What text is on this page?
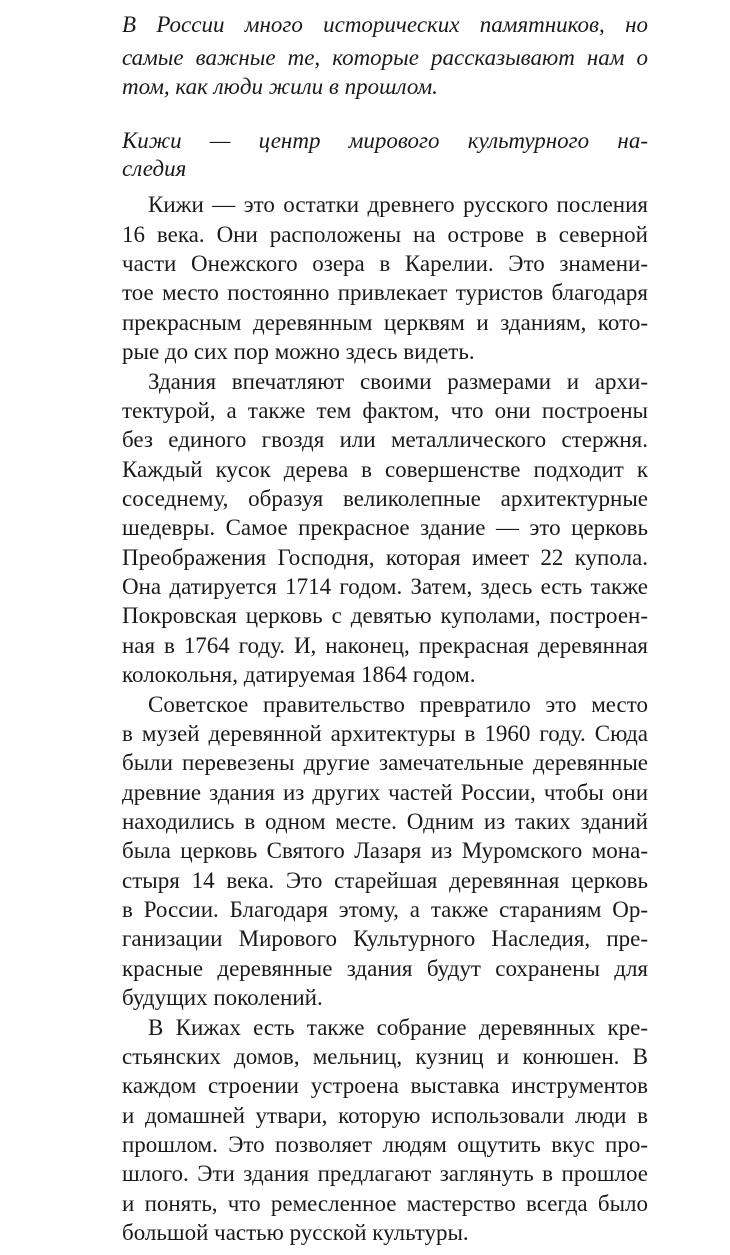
В России много исторических памятников, но
самые важные те, которые рассказывают нам о
том, как люди жили в прошлом.
Кижи — центр мирового культурного на-
следия
Кижи — это остатки древнего русского посления
16 века. Они расположены на острове в северной
части Онежского озера в Карелии. Это знамени-
тое место постоянно привлекает туристов благодаря
прекрасным деревянным церквям и зданиям, кото-
рые до сих пор можно здесь видеть.
Здания впечатляют своими размерами и архи-
тектурой, а также тем фактом, что они построены
без единого гвоздя или металлического стержня.
Каждый кусок дерева в совершенстве подходит к
соседнему, образуя великолепные архитектурные
шедевры. Самое прекрасное здание — это церковь
Преображения Господня, которая имеет 22 купола.
Она датируется 1714 годом. Затем, здесь есть также
Покровская церковь с девятью куполами, построен-
ная в 1764 году. И, наконец, прекрасная деревянная
колокольня, датируемая 1864 годом.
Советское правительство превратило это место
в музей деревянной архитектуры в 1960 году. Сюда
были перевезены другие замечательные деревянные
древние здания из других частей России, чтобы они
находились в одном месте. Одним из таких зданий
была церковь Святого Лазаря из Муромского мона-
стыря 14 века. Это старейшая деревянная церковь
в России. Благодаря этому, а также стараниям Ор-
ганизации Мирового Культурного Наследия, пре-
красные деревянные здания будут сохранены для
будущих поколений.
В Кижах есть также собрание деревянных кре-
стьянских домов, мельниц, кузниц и конюшен. В
каждом строении устроена выставка инструментов
и домашней утвари, которую использовали люди в
прошлом. Это позволяет людям ощутить вкус про-
шлого. Эти здания предлагают заглянуть в прошлое
и понять, что ремесленное мастерство всегда было
большой частью русской культуры.
